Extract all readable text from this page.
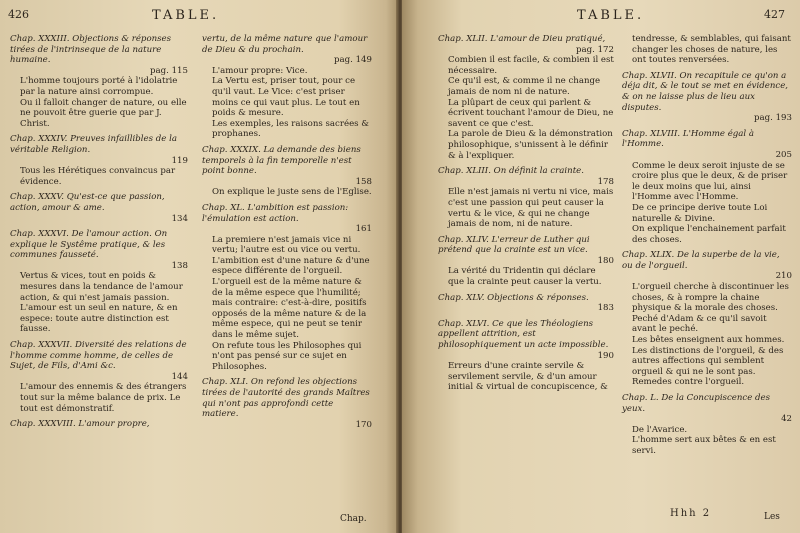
426	TABLE.

Chap. XXXIII. Objections & réponses tirées de l'intrinseque de la nature humaine.

pag. 115

L'homme toujours porté à l'idolatrie par la nature ainsi corrompue.

Ou il falloit changer de nature, ou elle ne pouvoit être guerie que par J. Christ.

Chap. XXXIV. Preuves infaillibles de la véritable Religion.

119

Tous les Hérétiques convaincus par évidence.

Chap. XXXV. Qu'est-ce que passion, action, amour & ame.

134

Chap. XXXVI. De l'amour action. On explique le Systême pratique, & les communes fausseté.

138

Vertus & vices, tout en poids & mesures dans la tendance de l'amour action, & qui n'est jamais passion.

L'amour est un seul en nature, & en espece: toute autre distinction est fausse.

Chap. XXXVII. Diversité des relations de l'homme comme homme, de celles de Sujet, de Fils, d'Ami &c.

144

L'amour des ennemis & des étrangers tout sur la même balance de prix. Le tout est démonstratif.

Chap. XXXVIII. L'amour propre,

vertu, de la même nature que l'amour de Dieu & du prochain.

pag. 149

L'amour propre: Vice.

La Vertu est, priser tout, pour ce qu'il vaut. Le Vice: c'est priser moins ce qui vaut plus. Le tout en poids & mesure.

Les exemples, les raisons sacrées & prophanes.

Chap. XXXIX. La demande des biens temporels à la fin temporelle n'est point bonne.

158

On explique le juste sens de l'Eglise.

Chap. XL. L'ambition est passion: l'émulation est action.

161

La premiere n'est jamais vice ni vertu; l'autre est ou vice ou vertu.

L'ambition est d'une nature & d'une espece différente de l'orgueil.

L'orgueil est de la même nature & de la même espece que l'humilité; mais contraire: c'est-à-dire, positifs opposés de la même nature & de la même espece, qui ne peut se tenir dans le même sujet.

On refute tous les Philosophes qui n'ont pas pensé sur ce sujet en Philosophes.

Chap. XLI. On refond les objections tirées de l'autorité des grands Maîtres qui n'ont pas approfondi cette matiere.

170

Chap.
TABLE.	427

Chap. XLII. L'amour de Dieu pratiqué,

pag. 172

Combien il est facile, & combien il est nécessaire.

Ce qu'il est, & comme il ne change jamais de nom ni de nature.

La plûpart de ceux qui parlent & écrivent touchant l'amour de Dieu, ne savent ce que c'est.

La parole de Dieu & la démonstration philosophique, s'unissent à le définir & à l'expliquer.

Chap. XLIII. On définit la crainte.

178

Elle n'est jamais ni vertu ni vice, mais c'est une passion qui peut causer la vertu & le vice, & qui ne change jamais de nom, ni de nature.

Chap. XLIV. L'erreur de Luther qui prétend que la crainte est un vice.

180

La vérité du Tridentin qui déclare que la crainte peut causer la vertu.

Chap. XLV. Objections & réponses.

183

Chap. XLVI. Ce que les Théologiens appellent attrition, est philosophiquement un acte impossible.

190

Erreurs d'une crainte servile & servilement servile, & d'un amour initial & virtual de concupiscence, &

tendresse, & semblables, qui faisant changer les choses de nature, les ont toutes renversées.

Chap. XLVII. On recapitule ce qu'on a déja dit, & le tout se met en évidence, & on ne laisse plus de lieu aux disputes.

pag. 193

Chap. XLVIII. L'Homme égal à l'Homme.

205

Comme le deux seroit injuste de se croire plus que le deux, & de priser le deux moins que lui, ainsi l'Homme avec l'Homme.

De ce principe derive toute Loi naturelle & Divine.

On explique l'enchainement parfait des choses.

Chap. XLIX. De la superbe de la vie, ou de l'orgueil.

210

L'orgueil cherche à discontinuer les choses, & à rompre la chaine physique & la morale des choses.

Peché d'Adam & ce qu'il savoit avant le peché.

Les bêtes enseignent aux hommes.

Les distinctions de l'orgueil, & des autres affections qui semblent orgueil & qui ne le sont pas.

Remedes contre l'orgueil.

Chap. L. De la Concupiscence des yeux.

42

De l'Avarice.

L'homme sert aux bêtes & en est servi.

Hhh 2	Les
